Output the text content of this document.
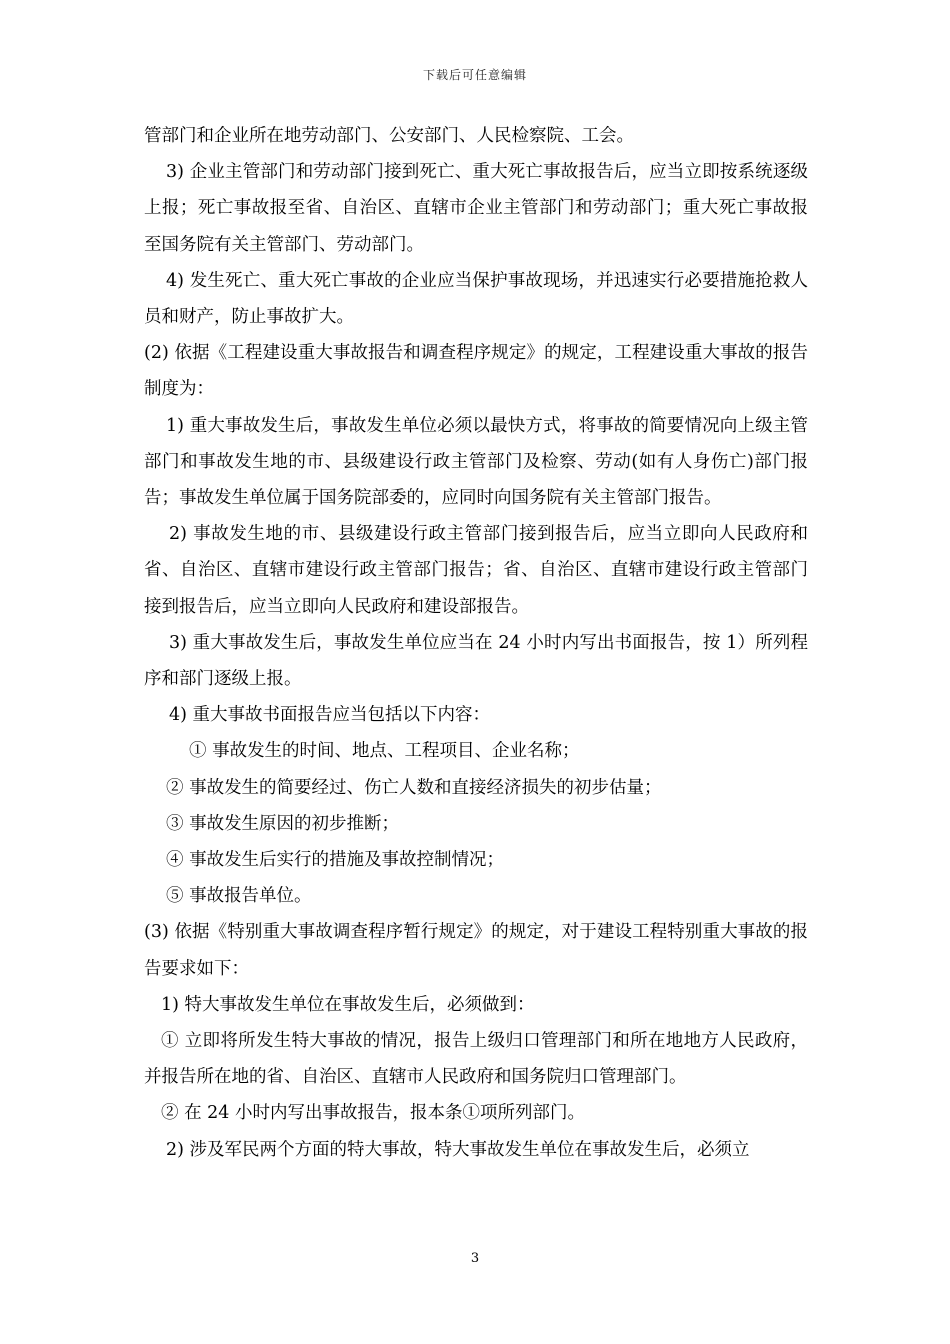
下载后可任意编辑

管部门和企业所在地劳动部门、公安部门、人民检察院、工会。

3) 企业主管部门和劳动部门接到死亡、重大死亡事故报告后，应当立即按系统逐级上报；死亡事故报至省、自治区、直辖市企业主管部门和劳动部门；重大死亡事故报至国务院有关主管部门、劳动部门。

4) 发生死亡、重大死亡事故的企业应当保护事故现场，并迅速实行必要措施抢救人员和财产，防止事故扩大。

(2) 依据《工程建设重大事故报告和调查程序规定》的规定，工程建设重大事故的报告制度为：

1) 重大事故发生后，事故发生单位必须以最快方式，将事故的简要情况向上级主管部门和事故发生地的市、县级建设行政主管部门及检察、劳动(如有人身伤亡)部门报告；事故发生单位属于国务院部委的，应同时向国务院有关主管部门报告。

2) 事故发生地的市、县级建设行政主管部门接到报告后，应当立即向人民政府和省、自治区、直辖市建设行政主管部门报告；省、自治区、直辖市建设行政主管部门接到报告后，应当立即向人民政府和建设部报告。

3) 重大事故发生后，事故发生单位应当在 24 小时内写出书面报告，按 1）所列程序和部门逐级上报。

4) 重大事故书面报告应当包括以下内容：

① 事故发生的时间、地点、工程项目、企业名称；

② 事故发生的简要经过、伤亡人数和直接经济损失的初步估量；

③ 事故发生原因的初步推断；

④ 事故发生后实行的措施及事故控制情况；

⑤ 事故报告单位。

(3) 依据《特别重大事故调查程序暂行规定》的规定，对于建设工程特别重大事故的报告要求如下：

1) 特大事故发生单位在事故发生后，必须做到：

① 立即将所发生特大事故的情况，报告上级归口管理部门和所在地地方人民政府，并报告所在地的省、自治区、直辖市人民政府和国务院归口管理部门。

② 在 24 小时内写出事故报告，报本条①项所列部门。

2) 涉及军民两个方面的特大事故，特大事故发生单位在事故发生后，必须立

3
